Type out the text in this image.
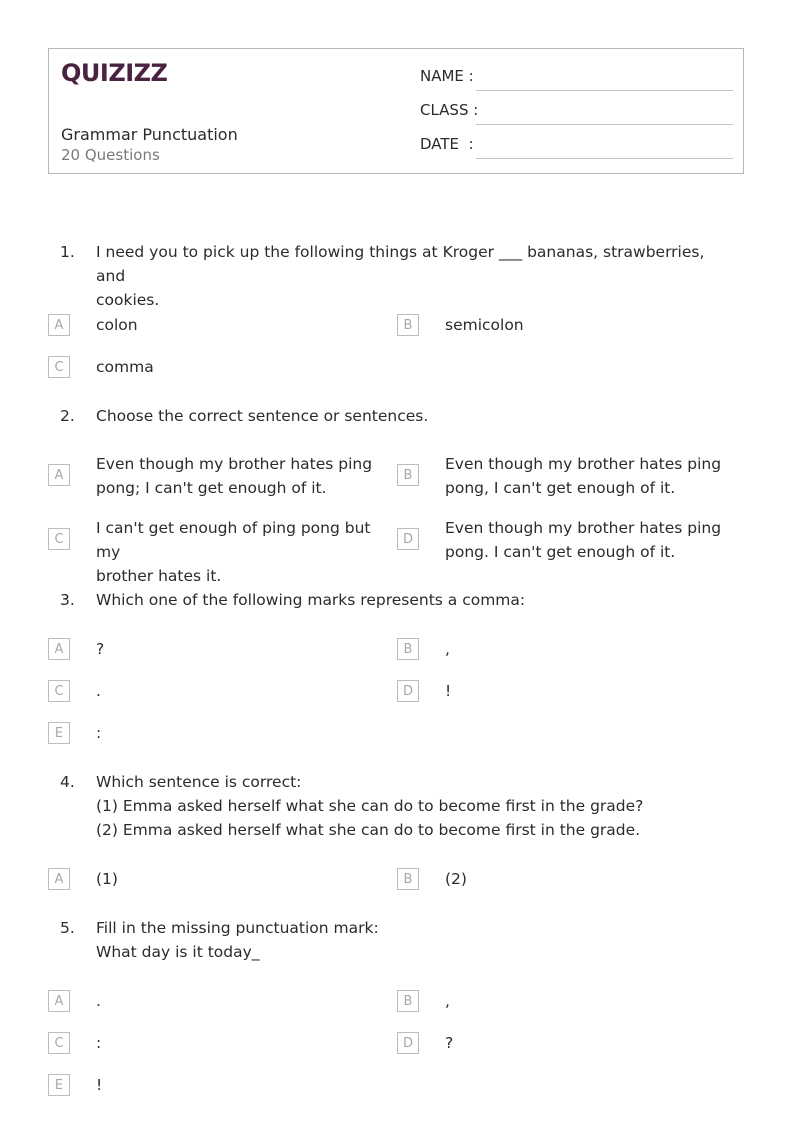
QUIZIZZ
Grammar Punctuation
20 Questions
NAME :
CLASS :
DATE  :
1. I need you to pick up the following things at Kroger ___ bananas, strawberries, and
cookies.
A	colon	B	semicolon
C	comma
2. Choose the correct sentence or sentences.
A
Even though my brother hates ping
pong; I can't get enough of it.
B
Even though my brother hates ping
pong, I can't get enough of it.
C
I can't get enough of ping pong but my
brother hates it.
D
Even though my brother hates ping
pong. I can't get enough of it.
3. Which one of the following marks represents a comma:
A	?	B	,
C	.	D	!
E	:
4. Which sentence is correct:
(1) Emma asked herself what she can do to become first in the grade?
(2) Emma asked herself what she can do to become first in the grade.
A	(1)	B	(2)
5. Fill in the missing punctuation mark:
What day is it today_
A	.	B	,
C	:	D	?
E	!
